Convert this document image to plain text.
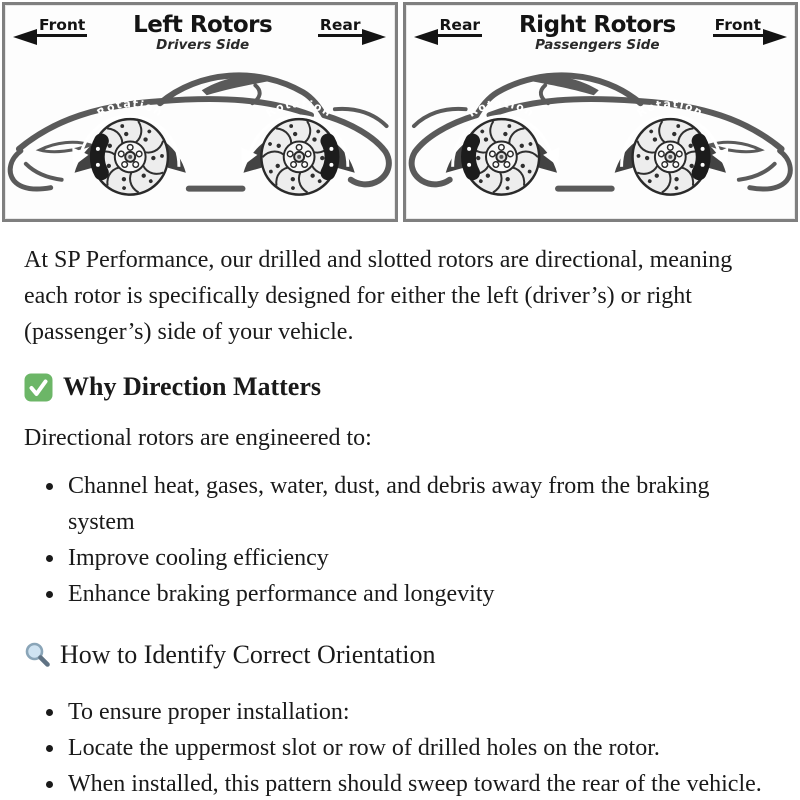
Front Left Rotors
Drivers Side
Rear
Rotation	Rotation
Rear Right Rotors
Passengers Side
Front
Rotation	Rotation

At SP Performance, our drilled and slotted rotors are directional, meaning each rotor is specifically designed for either the left (driver’s) or right (passenger’s) side of your vehicle.

Why Direction Matters

Directional rotors are engineered to:

• Channel heat, gases, water, dust, and debris away from the braking system
• Improve cooling efficiency
• Enhance braking performance and longevity
How to Identify Correct Orientation
• To ensure proper installation:
• Locate the uppermost slot or row of drilled holes on the rotor.
• When installed, this pattern should sweep toward the rear of the vehicle.
